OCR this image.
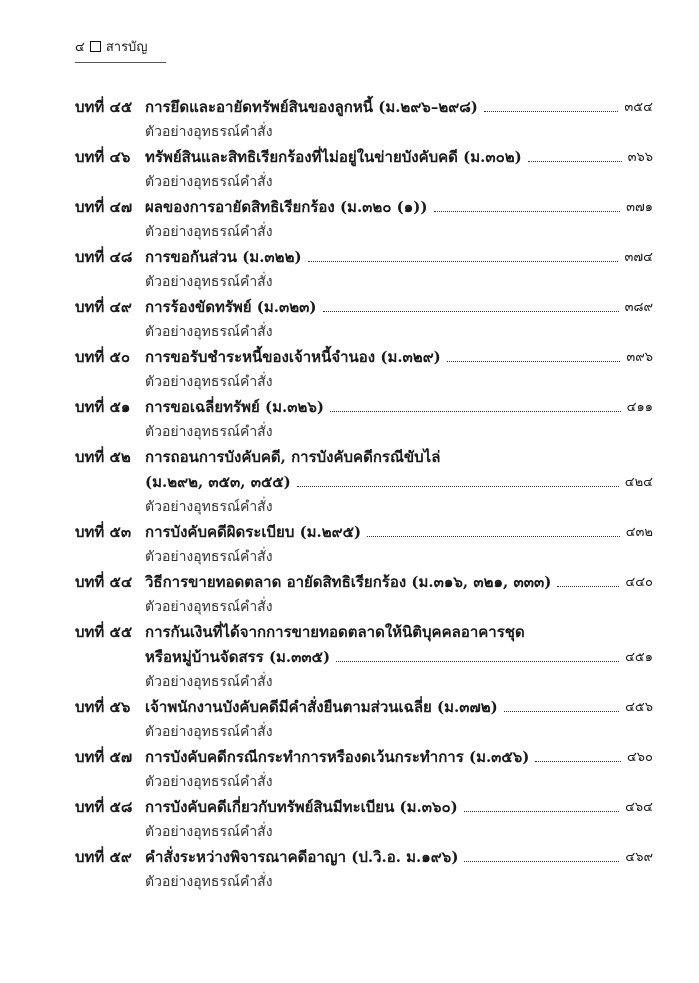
๔ สารบัญ
บทที่ ๔๕ การยึดและอายัดทรัพย์สินของลูกหนี้ (ม.๒๙๖–๒๙๘)	๓๕๔
ตัวอย่างอุทธรณ์คำสั่ง
บทที่ ๔๖ ทรัพย์สินและสิทธิเรียกร้องที่ไม่อยู่ในข่ายบังคับคดี (ม.๓๐๒)	๓๖๖
ตัวอย่างอุทธรณ์คำสั่ง
บทที่ ๔๗ ผลของการอายัดสิทธิเรียกร้อง (ม.๓๒๐ (๑))	๓๗๑
ตัวอย่างอุทธรณ์คำสั่ง
บทที่ ๔๘ การขอกันส่วน (ม.๓๒๒)	๓๗๔
ตัวอย่างอุทธรณ์คำสั่ง
บทที่ ๔๙ การร้องขัดทรัพย์ (ม.๓๒๓)	๓๘๙
ตัวอย่างอุทธรณ์คำสั่ง
บทที่ ๕๐ การขอรับชำระหนี้ของเจ้าหนี้จำนอง (ม.๓๒๙)	๓๙๖
ตัวอย่างอุทธรณ์คำสั่ง
บทที่ ๕๑ การขอเฉลี่ยทรัพย์ (ม.๓๒๖)	๔๑๑
ตัวอย่างอุทธรณ์คำสั่ง
บทที่ ๕๒ การถอนการบังคับคดี, การบังคับคดีกรณีขับไล่
(ม.๒๙๒, ๓๕๓, ๓๕๕)	๔๒๔
ตัวอย่างอุทธรณ์คำสั่ง
บทที่ ๕๓ การบังคับคดีผิดระเบียบ (ม.๒๙๕)	๔๓๒
ตัวอย่างอุทธรณ์คำสั่ง
บทที่ ๕๔ วิธีการขายทอดตลาด อายัดสิทธิเรียกร้อง (ม.๓๑๖, ๓๒๑, ๓๓๓)	๔๔๐
ตัวอย่างอุทธรณ์คำสั่ง
บทที่ ๕๕ การกันเงินที่ได้จากการขายทอดตลาดให้นิติบุคคลอาคารชุด
หรือหมู่บ้านจัดสรร (ม.๓๓๕)	๔๕๑
ตัวอย่างอุทธรณ์คำสั่ง
บทที่ ๕๖ เจ้าพนักงานบังคับคดีมีคำสั่งยืนตามส่วนเฉลี่ย (ม.๓๗๒)	๔๕๖
ตัวอย่างอุทธรณ์คำสั่ง
บทที่ ๕๗ การบังคับคดีกรณีกระทำการหรืองดเว้นกระทำการ (ม.๓๕๖)	๔๖๐
ตัวอย่างอุทธรณ์คำสั่ง
บทที่ ๕๘ การบังคับคดีเกี่ยวกับทรัพย์สินมีทะเบียน (ม.๓๖๐)	๔๖๔
ตัวอย่างอุทธรณ์คำสั่ง
บทที่ ๕๙ คำสั่งระหว่างพิจารณาคดีอาญา (ป.วิ.อ. ม.๑๙๖)	๔๖๙
ตัวอย่างอุทธรณ์คำสั่ง
